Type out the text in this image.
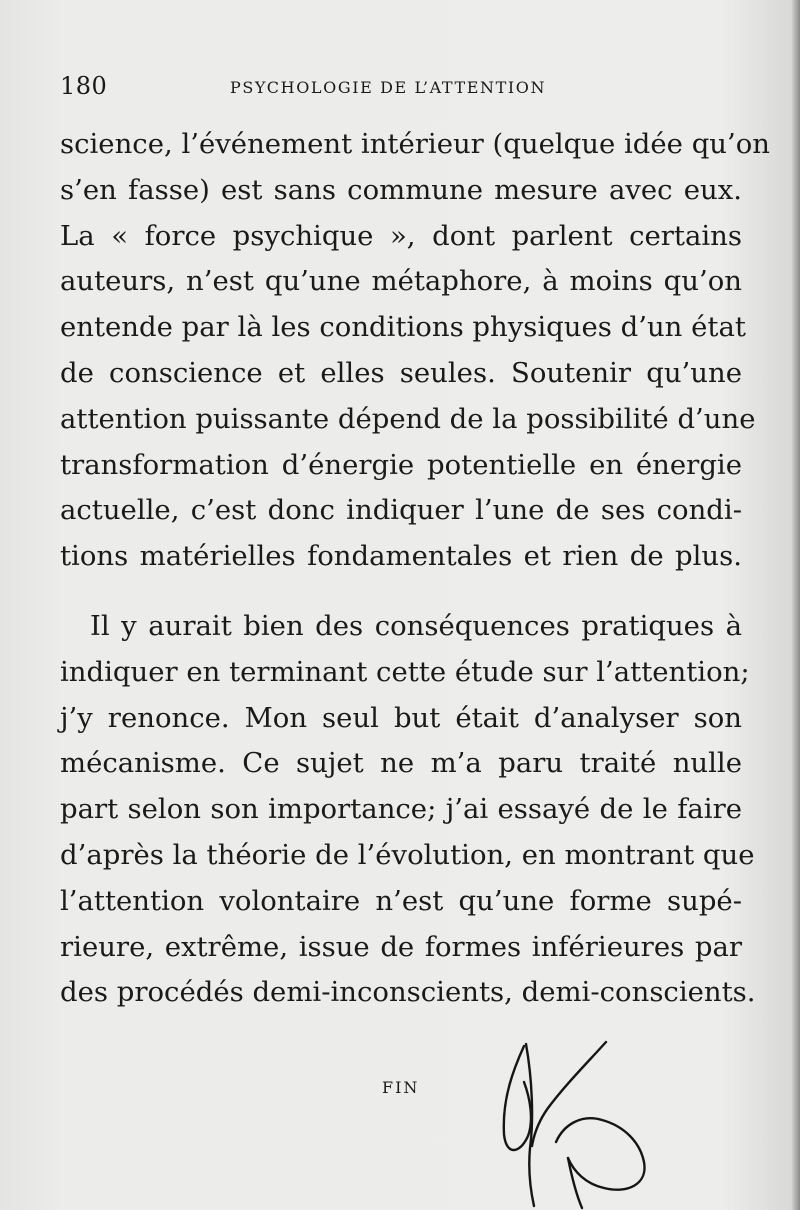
180	PSYCHOLOGIE DE L’ATTENTION
science, l’événement intérieur (quelque idée qu’on
s’en fasse) est sans commune mesure avec eux.
La « force psychique », dont parlent certains
auteurs, n’est qu’une métaphore, à moins qu’on
entende par là les conditions physiques d’un état
de conscience et elles seules. Soutenir qu’une
attention puissante dépend de la possibilité d’une
transformation d’énergie potentielle en énergie
actuelle, c’est donc indiquer l’une de ses condi-
tions matérielles fondamentales et rien de plus.
Il y aurait bien des conséquences pratiques à
indiquer en terminant cette étude sur l’attention;
j’y renonce. Mon seul but était d’analyser son
mécanisme. Ce sujet ne m’a paru traité nulle
part selon son importance; j’ai essayé de le faire
d’après la théorie de l’évolution, en montrant que
l’attention volontaire n’est qu’une forme supé-
rieure, extrême, issue de formes inférieures par
des procédés demi-inconscients, demi-conscients.
FIN
